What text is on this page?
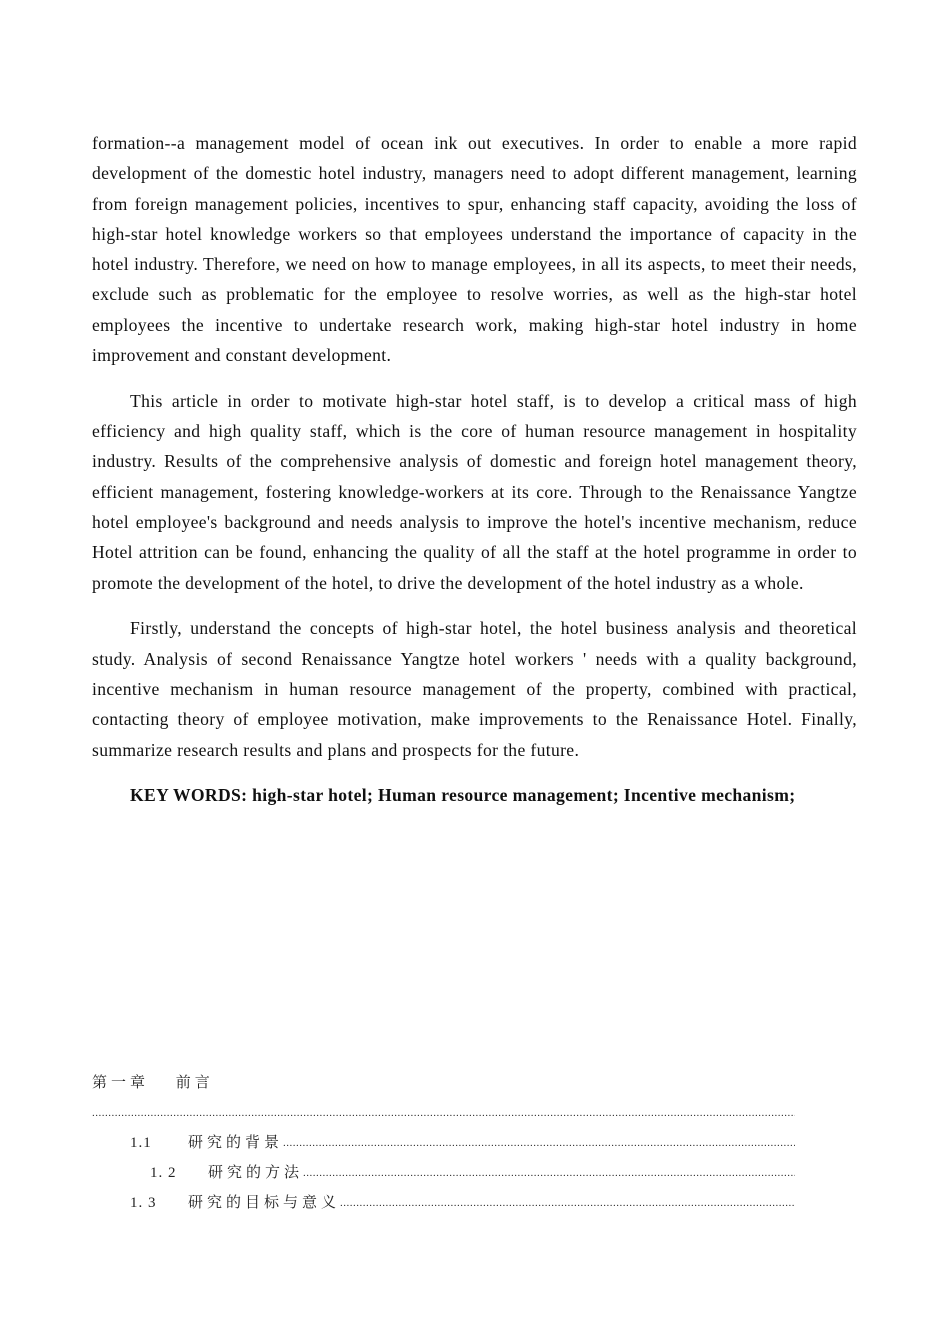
formation--a management model of ocean ink out executives. In order to enable a more rapid development of the domestic hotel industry, managers need to adopt different management, learning from foreign management policies, incentives to spur, enhancing staff capacity, avoiding the loss of high-star hotel knowledge workers so that employees understand the importance of capacity in the hotel industry. Therefore, we need on how to manage employees, in all its aspects, to meet their needs, exclude such as problematic for the employee to resolve worries, as well as the high-star hotel employees the incentive to undertake research work, making high-star hotel industry in home improvement and constant development.

This article in order to motivate high-star hotel staff, is to develop a critical mass of high efficiency and high quality staff, which is the core of human resource management in hospitality industry. Results of the comprehensive analysis of domestic and foreign hotel management theory, efficient management, fostering knowledge-workers at its core. Through to the Renaissance Yangtze hotel employee's background and needs analysis to improve the hotel's incentive mechanism, reduce Hotel attrition can be found, enhancing the quality of all the staff at the hotel programme in order to promote the development of the hotel, to drive the development of the hotel industry as a whole.

Firstly, understand the concepts of high-star hotel, the hotel business analysis and theoretical study. Analysis of second Renaissance Yangtze hotel workers ' needs with a quality background, incentive mechanism in human resource management of the property, combined with practical, contacting theory of employee motivation, make improvements to the Renaissance Hotel. Finally, summarize research results and plans and prospects for the future.

KEY WORDS: high-star hotel; Human resource management; Incentive mechanism;

第一章　 前言
.....
1.1	研究的背景
.....
1. 2	研究的方法
.....
1. 3	研究的目标与意义
.....
